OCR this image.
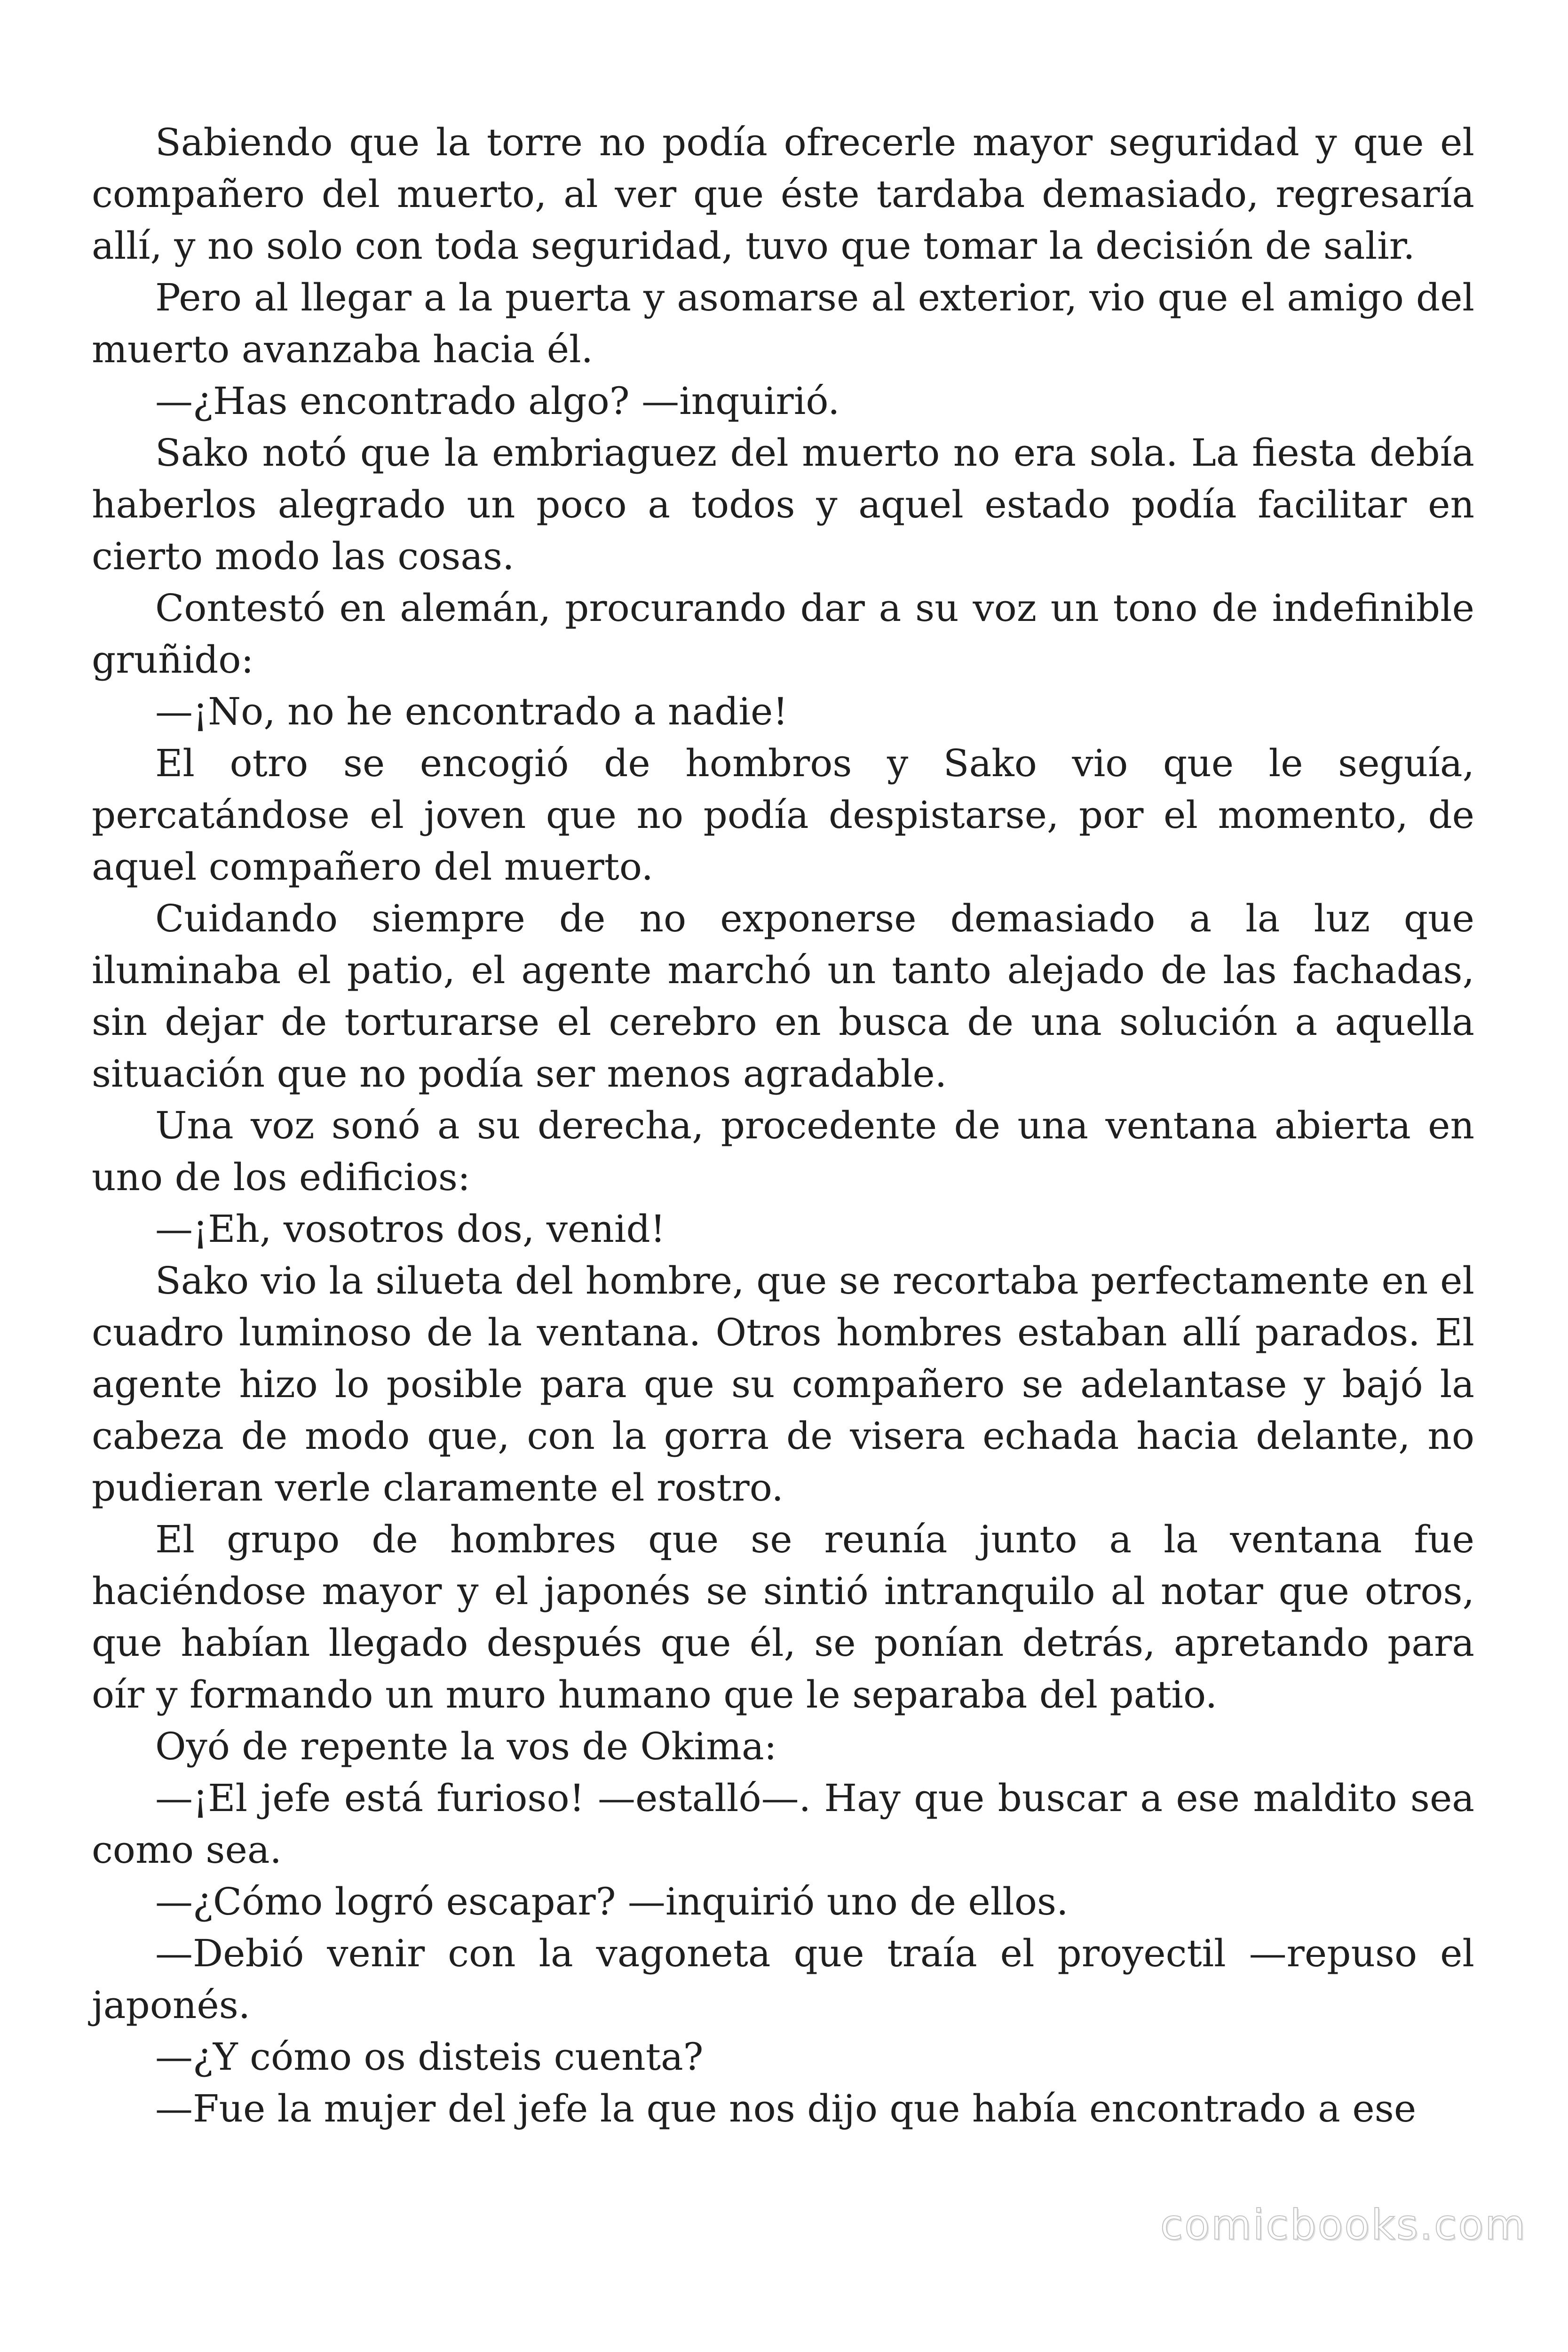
Sabiendo que la torre no podía ofrecerle mayor seguridad y que el compañero del muerto, al ver que éste tardaba demasiado, regresaría allí, y no solo con toda seguridad, tuvo que tomar la decisión de salir.

Pero al llegar a la puerta y asomarse al exterior, vio que el amigo del muerto avanzaba hacia él.

—¿Has encontrado algo? —inquirió.

Sako notó que la embriaguez del muerto no era sola. La fiesta debía haberlos alegrado un poco a todos y aquel estado podía facilitar en cierto modo las cosas.

Contestó en alemán, procurando dar a su voz un tono de indefinible gruñido:

—¡No, no he encontrado a nadie!

El otro se encogió de hombros y Sako vio que le seguía, percatándose el joven que no podía despistarse, por el momento, de aquel compañero del muerto.

Cuidando siempre de no exponerse demasiado a la luz que iluminaba el patio, el agente marchó un tanto alejado de las fachadas, sin dejar de torturarse el cerebro en busca de una solución a aquella situación que no podía ser menos agradable.

Una voz sonó a su derecha, procedente de una ventana abierta en uno de los edificios:

—¡Eh, vosotros dos, venid!

Sako vio la silueta del hombre, que se recortaba perfectamente en el cuadro luminoso de la ventana. Otros hombres estaban allí parados. El agente hizo lo posible para que su compañero se adelantase y bajó la cabeza de modo que, con la gorra de visera echada hacia delante, no pudieran verle claramente el rostro.

El grupo de hombres que se reunía junto a la ventana fue haciéndose mayor y el japonés se sintió intranquilo al notar que otros, que habían llegado después que él, se ponían detrás, apretando para oír y formando un muro humano que le separaba del patio.

Oyó de repente la vos de Okima:

—¡El jefe está furioso! —estalló—. Hay que buscar a ese maldito sea como sea.

—¿Cómo logró escapar? —inquirió uno de ellos.

—Debió venir con la vagoneta que traía el proyectil —repuso el japonés.

—¿Y cómo os disteis cuenta?

—Fue la mujer del jefe la que nos dijo que había encontrado a ese

comicbooks.com
